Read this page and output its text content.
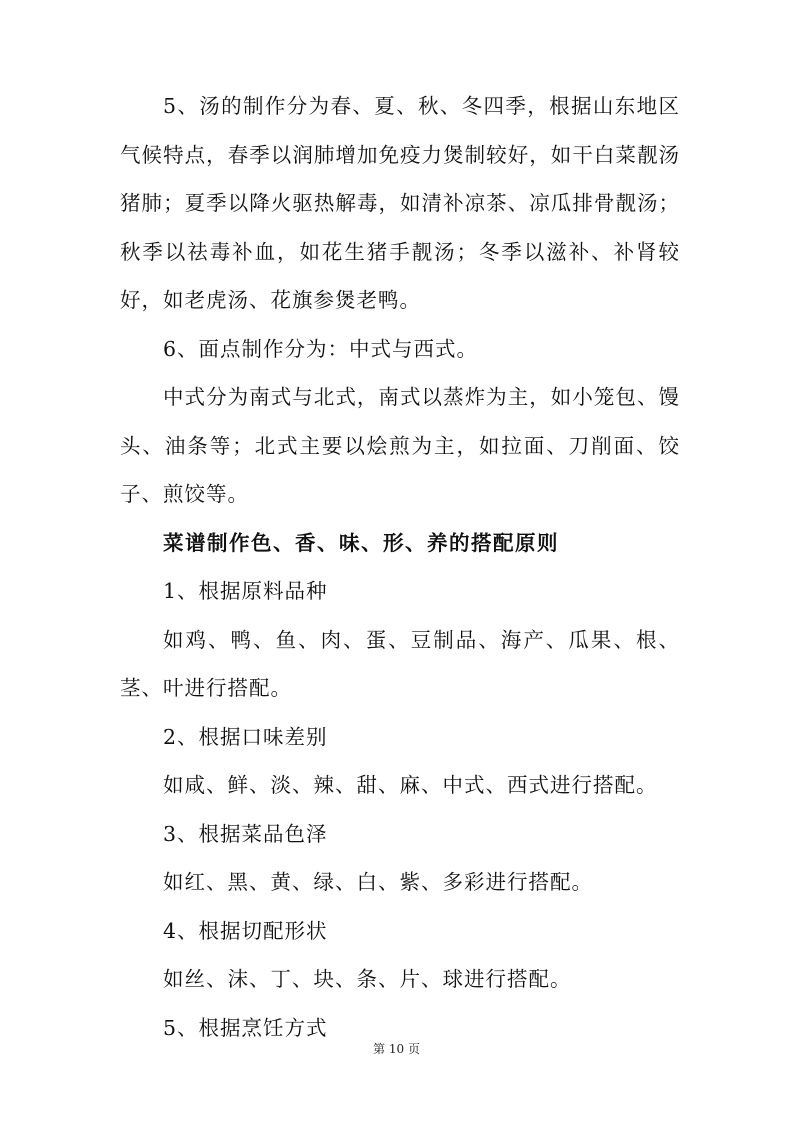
5、汤的制作分为春、夏、秋、冬四季，根据山东地区气候特点，春季以润肺增加免疫力煲制较好，如干白菜靓汤猪肺；夏季以降火驱热解毒，如清补凉茶、凉瓜排骨靓汤；秋季以祛毒补血，如花生猪手靓汤；冬季以滋补、补肾较好，如老虎汤、花旗参煲老鸭。

6、面点制作分为：中式与西式。

中式分为南式与北式，南式以蒸炸为主，如小笼包、馒头、油条等；北式主要以烩煎为主，如拉面、刀削面、饺子、煎饺等。

菜谱制作色、香、味、形、养的搭配原则

1、根据原料品种

如鸡、鸭、鱼、肉、蛋、豆制品、海产、瓜果、根、茎、叶进行搭配。

2、根据口味差别

如咸、鲜、淡、辣、甜、麻、中式、西式进行搭配。

3、根据菜品色泽

如红、黑、黄、绿、白、紫、多彩进行搭配。

4、根据切配形状

如丝、沫、丁、块、条、片、球进行搭配。

5、根据烹饪方式

第 10 页
